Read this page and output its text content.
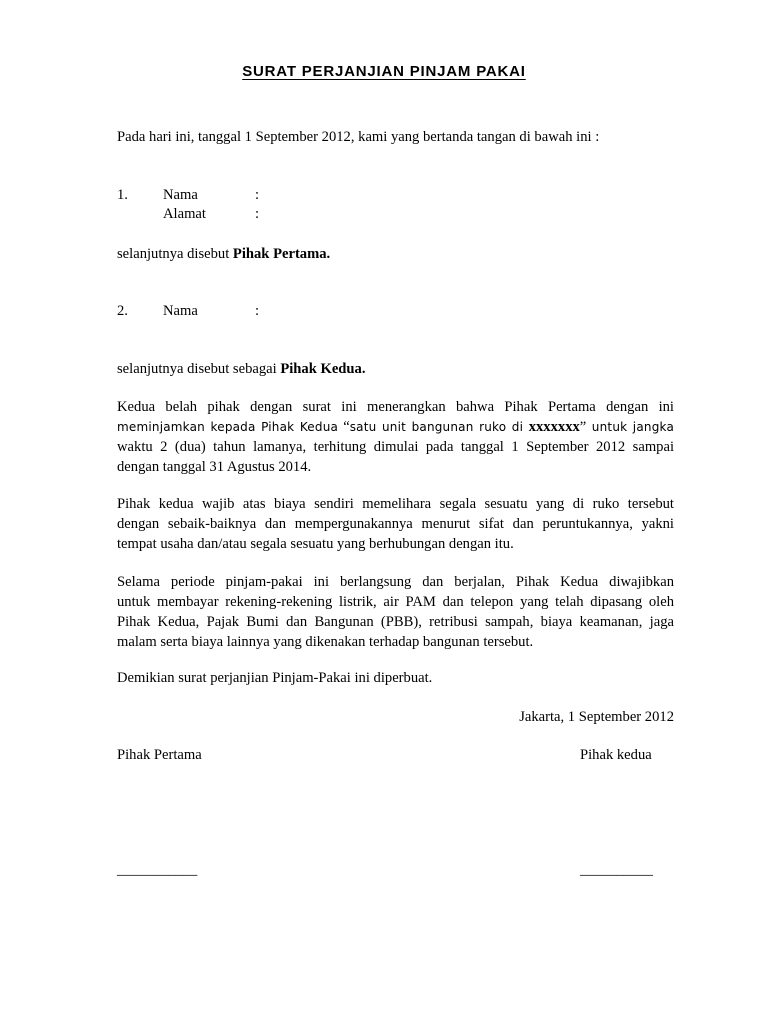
SURAT PERJANJIAN PINJAM PAKAI
Pada hari ini, tanggal 1 September 2012, kami yang bertanda tangan di bawah ini :
1. Nama	:
Alamat	:
selanjutnya disebut Pihak Pertama.
2. Nama	:
selanjutnya disebut sebagai Pihak Kedua.
Kedua belah pihak dengan surat ini menerangkan bahwa Pihak Pertama dengan ini
meminjamkan kepada Pihak Kedua “satu unit bangunan ruko di xxxxxxx” untuk jangka
waktu 2 (dua) tahun lamanya, terhitung dimulai pada tanggal 1 September 2012 sampai
dengan tanggal 31 Agustus 2014.
Pihak kedua wajib atas biaya sendiri memelihara segala sesuatu yang di ruko tersebut
dengan sebaik-baiknya dan mempergunakannya menurut sifat dan peruntukannya, yakni
tempat usaha dan/atau segala sesuatu yang berhubungan dengan itu.
Selama periode pinjam-pakai ini berlangsung dan berjalan, Pihak Kedua diwajibkan
untuk membayar rekening-rekening listrik, air PAM dan telepon yang telah dipasang oleh
Pihak Kedua, Pajak Bumi dan Bangunan (PBB), retribusi sampah, biaya keamanan, jaga
malam serta biaya lainnya yang dikenakan terhadap bangunan tersebut.
Demikian surat perjanjian Pinjam-Pakai ini diperbuat.
Jakarta, 1 September 2012
Pihak Pertama	Pihak kedua
___________	__________
